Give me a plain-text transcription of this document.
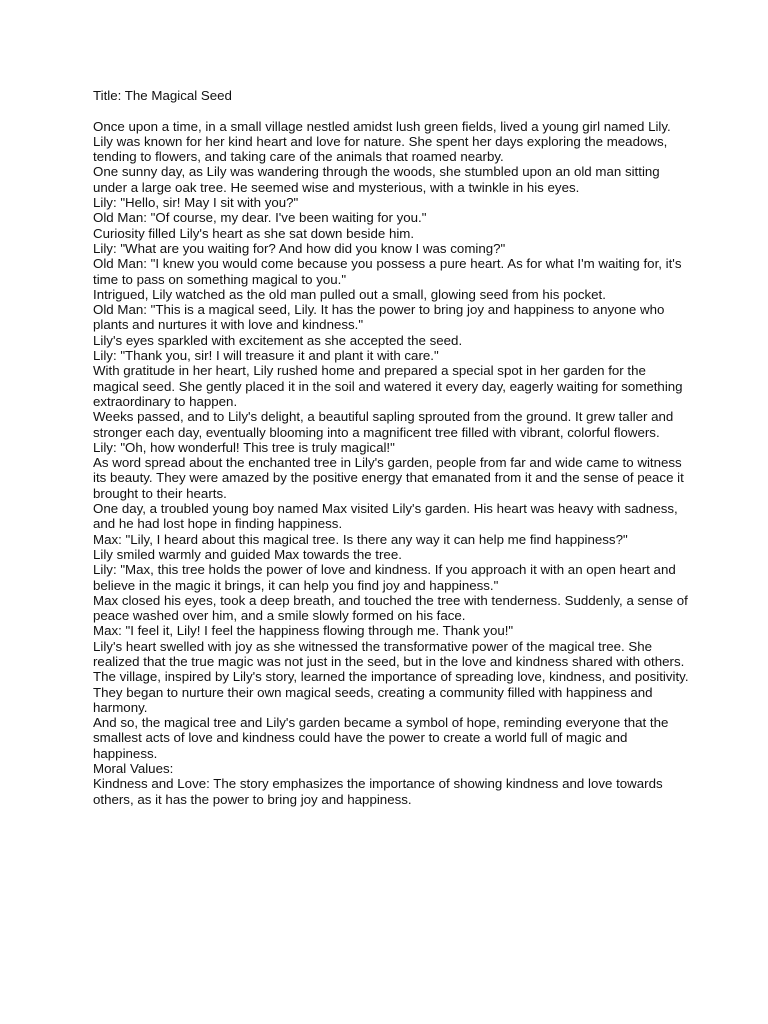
Title: The Magical Seed

Once upon a time, in a small village nestled amidst lush green fields, lived a young girl named Lily. Lily was known for her kind heart and love for nature. She spent her days exploring the meadows, tending to flowers, and taking care of the animals that roamed nearby.

One sunny day, as Lily was wandering through the woods, she stumbled upon an old man sitting under a large oak tree. He seemed wise and mysterious, with a twinkle in his eyes.

Lily: "Hello, sir! May I sit with you?"

Old Man: "Of course, my dear. I've been waiting for you."

Curiosity filled Lily's heart as she sat down beside him.

Lily: "What are you waiting for? And how did you know I was coming?"

Old Man: "I knew you would come because you possess a pure heart. As for what I'm waiting for, it's time to pass on something magical to you."

Intrigued, Lily watched as the old man pulled out a small, glowing seed from his pocket.

Old Man: "This is a magical seed, Lily. It has the power to bring joy and happiness to anyone who plants and nurtures it with love and kindness."

Lily's eyes sparkled with excitement as she accepted the seed.

Lily: "Thank you, sir! I will treasure it and plant it with care."

With gratitude in her heart, Lily rushed home and prepared a special spot in her garden for the magical seed. She gently placed it in the soil and watered it every day, eagerly waiting for something extraordinary to happen.

Weeks passed, and to Lily's delight, a beautiful sapling sprouted from the ground. It grew taller and stronger each day, eventually blooming into a magnificent tree filled with vibrant, colorful flowers.

Lily: "Oh, how wonderful! This tree is truly magical!"

As word spread about the enchanted tree in Lily's garden, people from far and wide came to witness its beauty. They were amazed by the positive energy that emanated from it and the sense of peace it brought to their hearts.

One day, a troubled young boy named Max visited Lily's garden. His heart was heavy with sadness, and he had lost hope in finding happiness.

Max: "Lily, I heard about this magical tree. Is there any way it can help me find happiness?"

Lily smiled warmly and guided Max towards the tree.

Lily: "Max, this tree holds the power of love and kindness. If you approach it with an open heart and believe in the magic it brings, it can help you find joy and happiness."

Max closed his eyes, took a deep breath, and touched the tree with tenderness. Suddenly, a sense of peace washed over him, and a smile slowly formed on his face.

Max: "I feel it, Lily! I feel the happiness flowing through me. Thank you!"

Lily's heart swelled with joy as she witnessed the transformative power of the magical tree. She realized that the true magic was not just in the seed, but in the love and kindness shared with others.

The village, inspired by Lily's story, learned the importance of spreading love, kindness, and positivity. They began to nurture their own magical seeds, creating a community filled with happiness and harmony.

And so, the magical tree and Lily's garden became a symbol of hope, reminding everyone that the smallest acts of love and kindness could have the power to create a world full of magic and happiness.

Moral Values:

Kindness and Love: The story emphasizes the importance of showing kindness and love towards others, as it has the power to bring joy and happiness.
